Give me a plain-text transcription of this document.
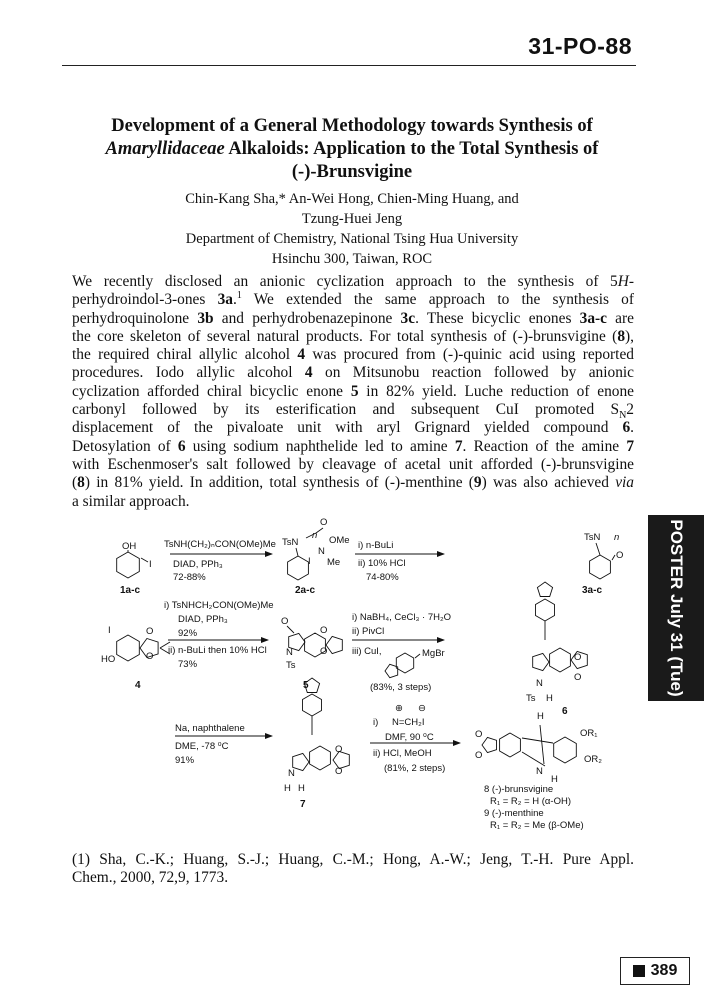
31-PO-88
Development of a General Methodology towards Synthesis of
Amaryllidaceae Alkaloids: Application to the Total Synthesis of
(-)-Brunsvigine
Chin-Kang Sha,* An-Wei Hong, Chien-Ming Huang, and
Tzung-Huei Jeng
Department of Chemistry, National Tsing Hua University
Hsinchu 300, Taiwan, ROC
We recently disclosed an anionic cyclization approach to the synthesis of 5H-
perhydroindol-3-ones 3a.$^1$ We extended the same approach to the synthesis of
perhydroquinolone 3b and perhydrobenazepinone 3c. These bicyclic enones 3a-c are
the core skeleton of several natural products. For total synthesis of (-)-brunsvigine (8),
the required chiral allylic alcohol 4 was procured from (-)-quinic acid using reported
procedures. Iodo allylic alcohol 4 on Mitsunobu reaction followed by anionic
cyclization afforded chiral bicyclic enone 5 in 82% yield. Luche reduction of enone
carbonyl followed by its esterification and subsequent CuI promoted $S_N2$
displacement of the pivaloate unit with aryl Grignard yielded compound 6.
Detosylation of 6 using sodium naphthelide led to amine 7. Reaction of the amine 7
with Eschenmoser's salt followed by cleavage of acetal unit afforded (-)-brunsvigine
(8) in 81% yield. In addition, total synthesis of (-)-menthine (9) was also achieved via
a similar approach.
OH
I
1a-c
TsNH(CH₂)ₙCON(OMe)Me
DIAD, PPh₃
72-88%
TsN
n
O
OMe
N
Me
I
2a-c
i) n-BuLi
ii) 10% HCl
74-80%
TsN n
O
3a-c
I
HO
O
O
4
i) TsNHCH₂CON(OMe)Me
DIAD, PPh₃
92%
ii) n-BuLi then 10% HCl
73%
O
N
Ts
O
O
5
i) NaBH₄, CeCl₃ · 7H₂O
ii) PivCl
iii) CuI,	MgBr
(83%, 3 steps)	N
Ts H
O
O
6
Na, naphthalene
DME, -78 ⁰C
91%
N
H H
O
O
7
i)
⊕ ⊖
N=CH₂I
DMF, 90 ⁰C
ii) HCl, MeOH
(81%, 2 steps)
H
OR₁
OR₂
N
H
O
O
8 (-)-brunsvigine
R₁ = R₂ = H (α-OH)
9 (-)-menthine
R₁ = R₂ = Me (β-OMe)
(1) Sha, C.-K.; Huang, S.-J.; Huang, C.-M.; Hong, A.-W.; Jeng, T.-H. Pure Appl.
Chem., 2000, 72,9, 1773.
POSTER July 31 (Tue)
389
